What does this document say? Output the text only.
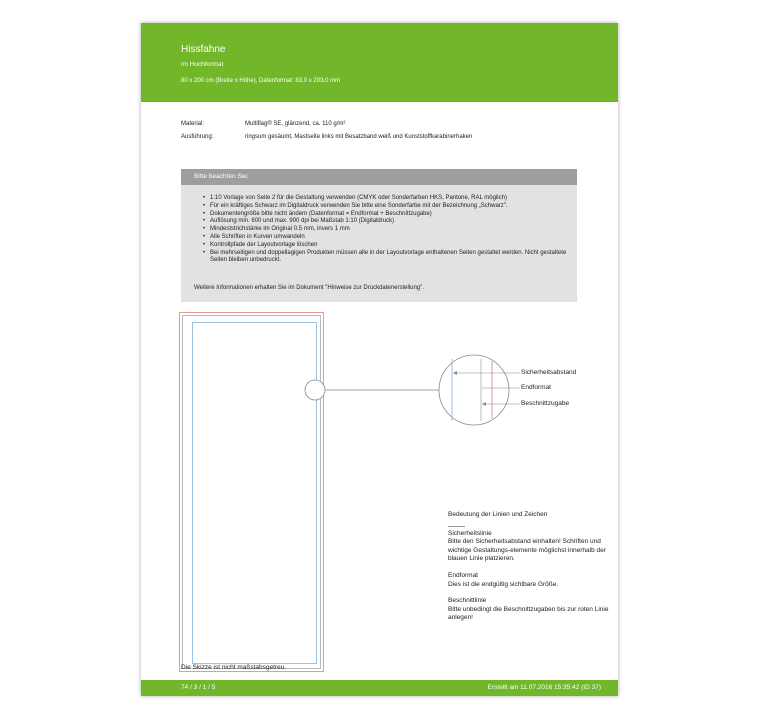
Hissfahne
im Hochformat
80 x 200 cm (Breite x Höhe), Datenformat: 83,0 x 203,0 mm
Material:	Multiflag® SE, glänzend, ca. 110 g/m²
Ausführung:	ringsum gesäumt, Mastseite links mit Besatzband weiß und Kunststoffkarabinerhaken
Bitte beachten Sie:
• 1:10 Vorlage von Seite 2 für die Gestaltung verwenden (CMYK oder Sonderfarben HKS, Pantone, RAL möglich)
• Für ein kräftiges Schwarz im Digitaldruck verwenden Sie bitte eine Sonderfarbe mit der Bezeichnung „Schwarz".
• Dokumentengröße bitte nicht ändern (Datenformat = Endformat + Beschnittzugabe)
• Auflösung min. 600 und max. 900 dpi bei Maßstab 1:10 (Digitaldruck)
• Mindeststrichstärke im Original 0.5 mm, invers 1 mm
• Alle Schriften in Kurven umwandeln
• Kontrollpfade der Layoutvorlage löschen
• Bei mehrseitigen und doppellagigen Produkten müssen alle in der Layoutvorlage enthaltenen Seiten gestaltet werden. Nicht gestaltete Seiten bleiben unbedruckt.
Weitere Informationen erhalten Sie im Dokument "Hinweise zur Druckdatenerstellung".
Sicherheitsabstand
Endformat
Beschnittzugabe
Bedeutung der Linien und Zeichen
Sicherheitslinie

Bitte den Sicherheitsabstand einhalten! Schriften und wichtige Gestaltungs-elemente möglichst innerhalb der blauen Linie platzieren.

Endformat

Dies ist die endgültig sichtbare Größe.

Beschnittlinie

Bitte unbedingt die Beschnittzugaben bis zur roten Linie anlegen!

Die Skizze ist nicht maßstabsgetreu.
74 / 3 / 1 / 5	Erstellt am 11.07.2016 15:35:42 (ID 37)
